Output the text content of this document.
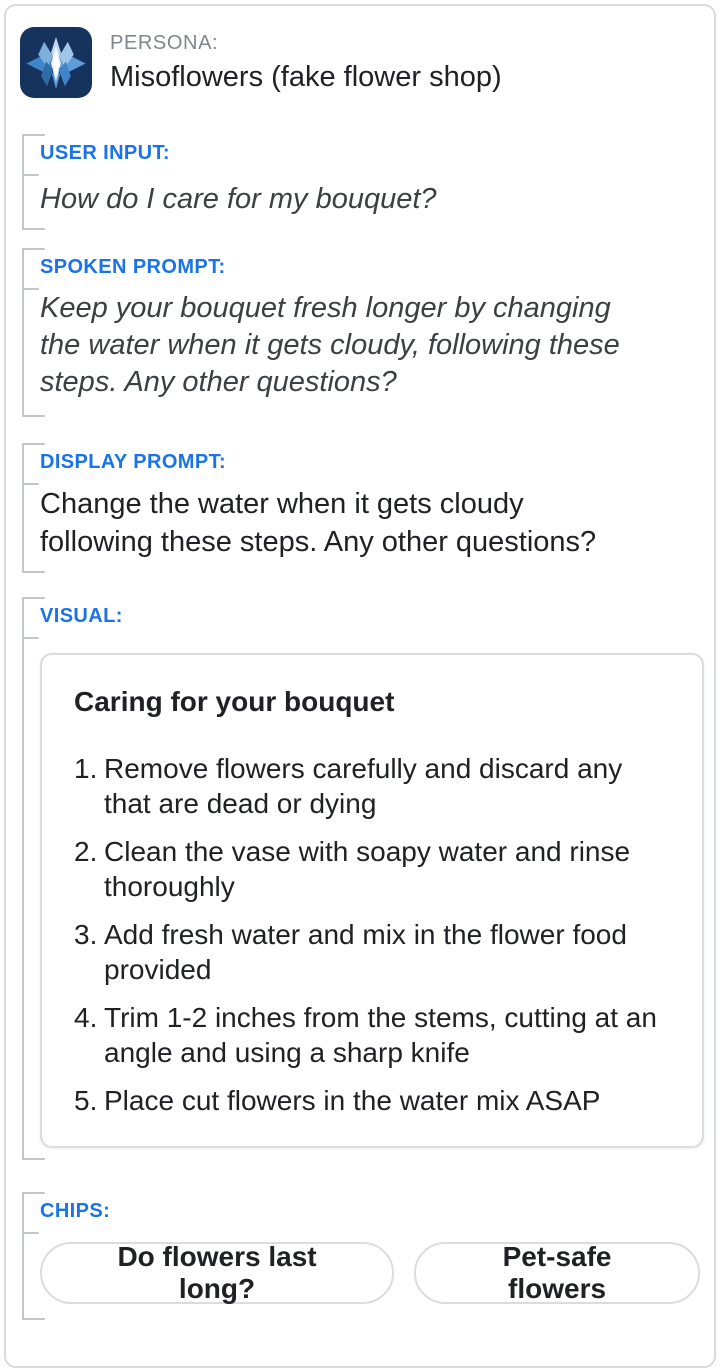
PERSONA:
Misoflowers (fake flower shop)
USER INPUT:
How do I care for my bouquet?
SPOKEN PROMPT:
Keep your bouquet fresh longer by changing
the water when it gets cloudy, following these
steps. Any other questions?
DISPLAY PROMPT:
Change the water when it gets cloudy
following these steps. Any other questions?
VISUAL:
Caring for your bouquet
1. Remove flowers carefully and discard any that are dead or dying
2. Clean the vase with soapy water and rinse thoroughly
3. Add fresh water and mix in the flower food provided
4. Trim 1-2 inches from the stems, cutting at an angle and using a sharp knife
5. Place cut flowers in the water mix ASAP
CHIPS:
Do flowers last long?
Pet-safe flowers
